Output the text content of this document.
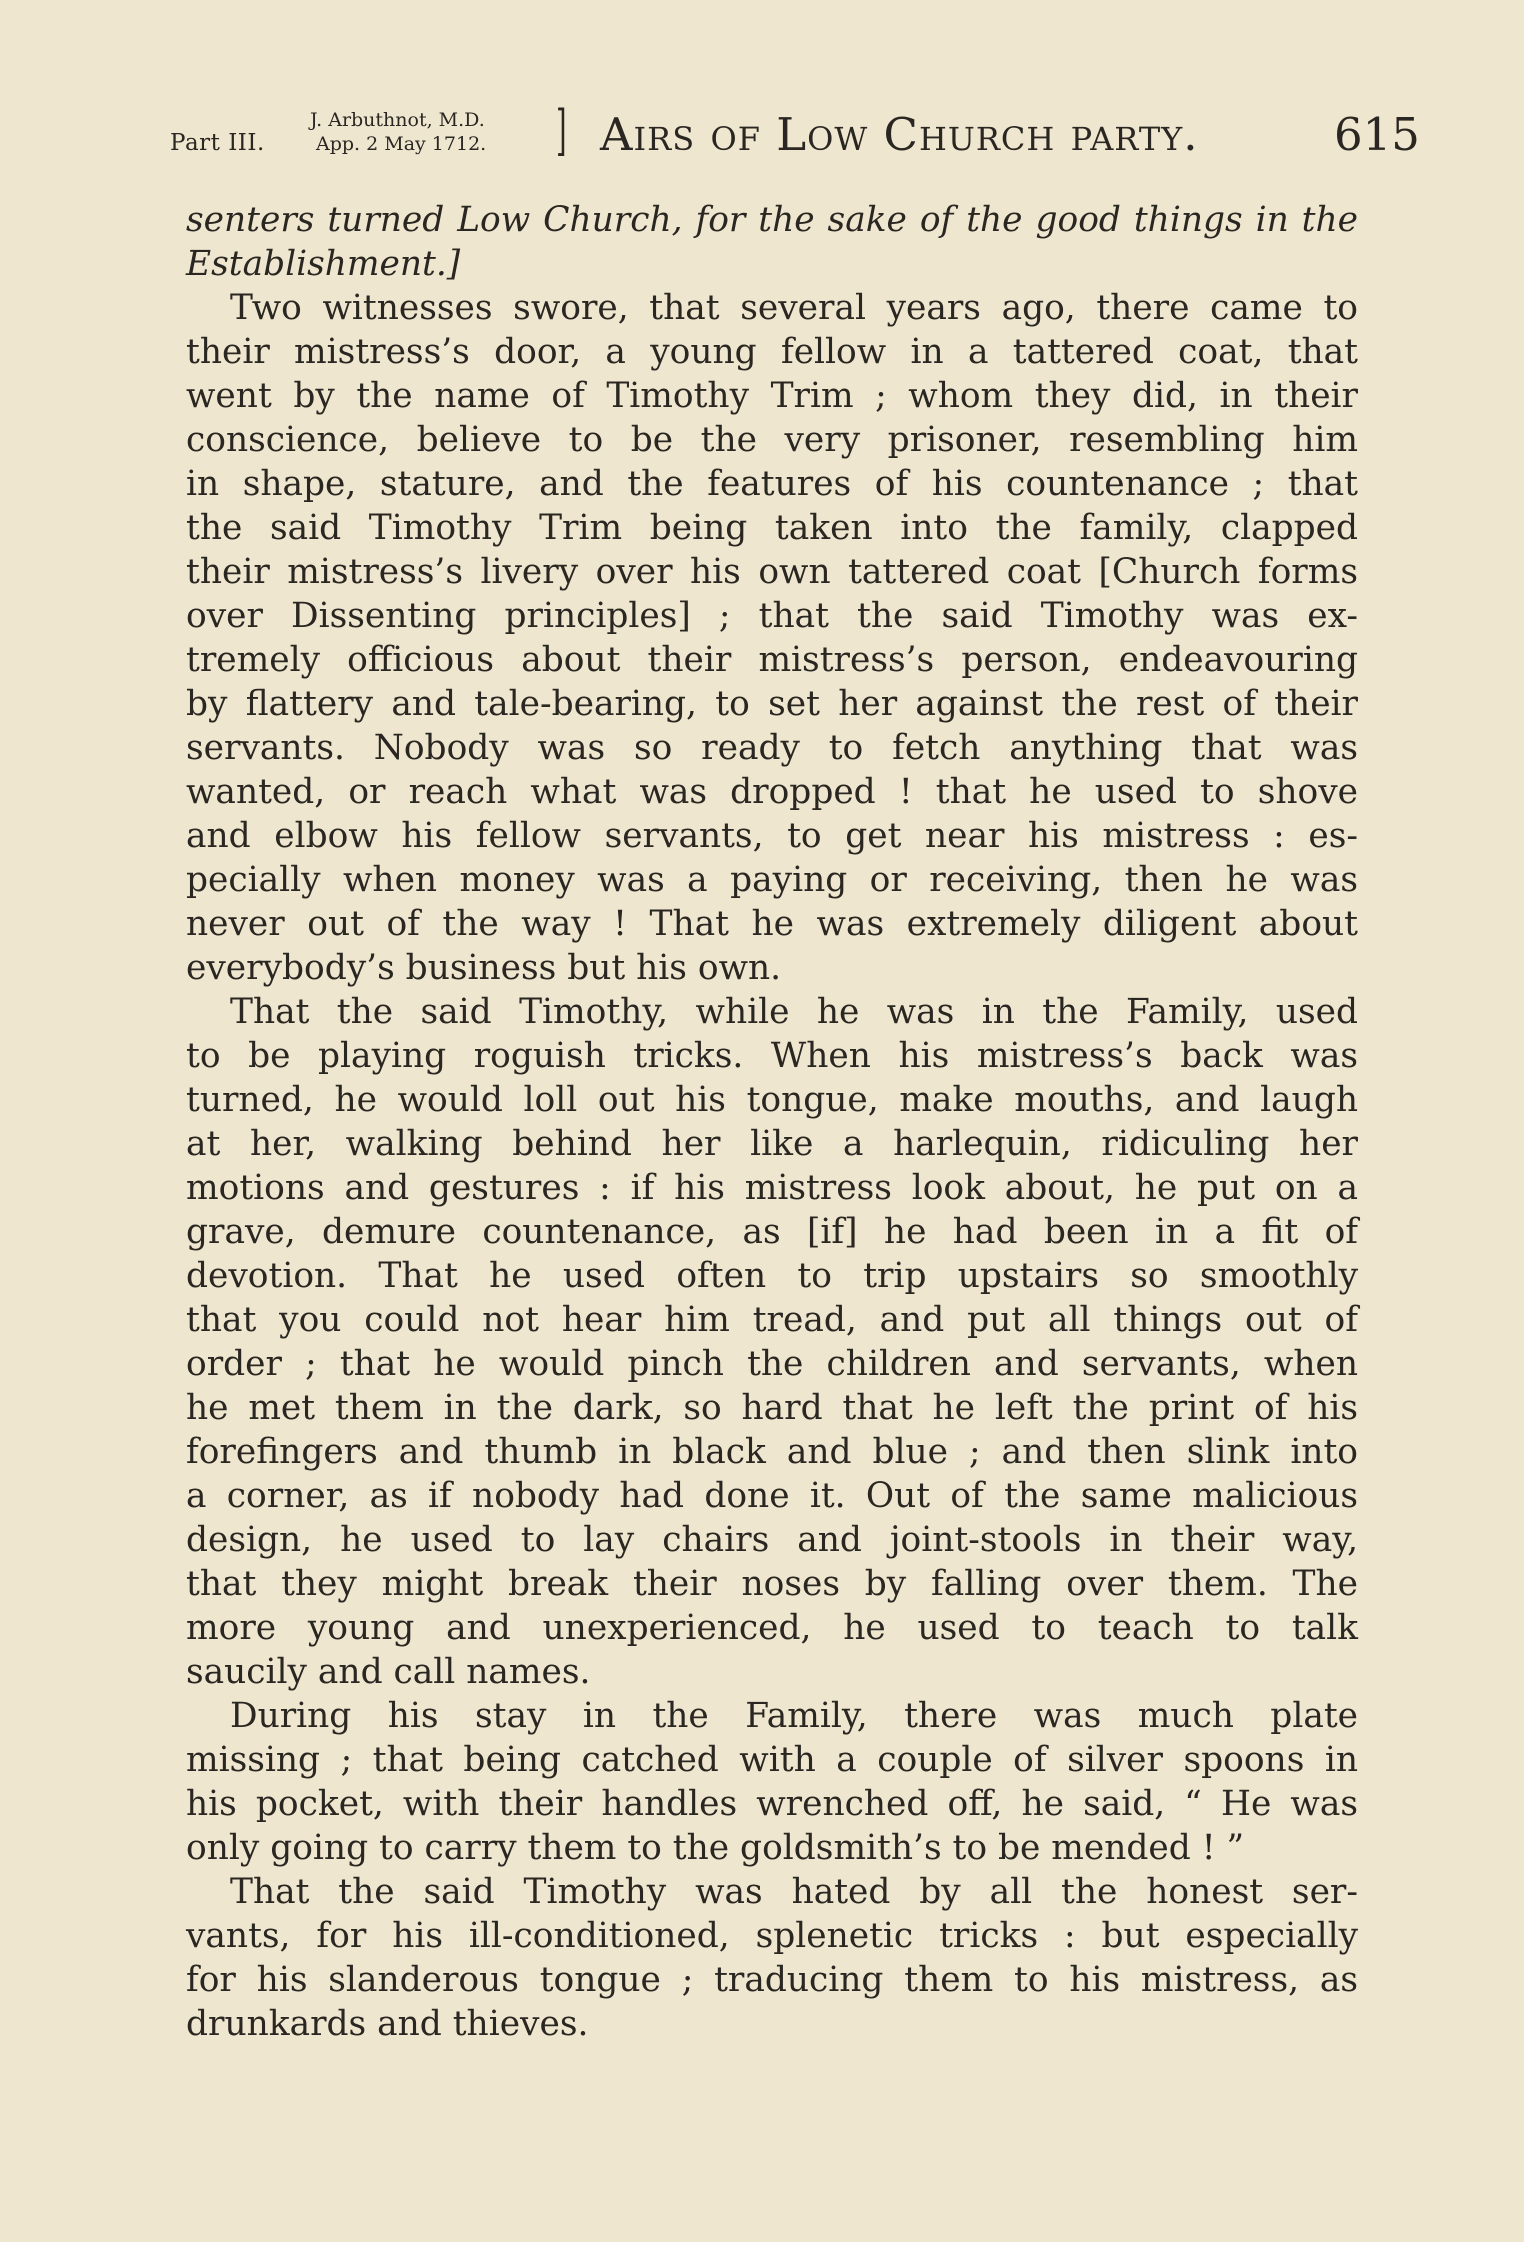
Part III.
J. Arbuthnot, M.D.
App. 2 May 1712. ] Airs of Low Church party.	615
senters turned Low Church, for the sake of the good things in the
Establishment.]
Two witnesses swore, that several years ago, there came to
their mistress’s door, a young fellow in a tattered coat, that
went by the name of Timothy Trim ; whom they did, in their
conscience, believe to be the very prisoner, resembling him
in shape, stature, and the features of his countenance ; that
the said Timothy Trim being taken into the family, clapped
their mistress’s livery over his own tattered coat [Church forms
over Dissenting principles] ; that the said Timothy was ex-
tremely officious about their mistress’s person, endeavouring
by flattery and tale-bearing, to set her against the rest of their
servants. Nobody was so ready to fetch anything that was
wanted, or reach what was dropped ! that he used to shove
and elbow his fellow servants, to get near his mistress : es-
pecially when money was a paying or receiving, then he was
never out of the way ! That he was extremely diligent about
everybody’s business but his own.
That the said Timothy, while he was in the Family, used
to be playing roguish tricks. When his mistress’s back was
turned, he would loll out his tongue, make mouths, and laugh
at her, walking behind her like a harlequin, ridiculing her
motions and gestures : if his mistress look about, he put on a
grave, demure countenance, as [if] he had been in a fit of
devotion. That he used often to trip upstairs so smoothly
that you could not hear him tread, and put all things out of
order ; that he would pinch the children and servants, when
he met them in the dark, so hard that he left the print of his
forefingers and thumb in black and blue ; and then slink into
a corner, as if nobody had done it. Out of the same malicious
design, he used to lay chairs and joint-stools in their way,
that they might break their noses by falling over them. The
more young and unexperienced, he used to teach to talk
saucily and call names.
During his stay in the Family, there was much plate
missing ; that being catched with a couple of silver spoons in
his pocket, with their handles wrenched off, he said, “ He was
only going to carry them to the goldsmith’s to be mended ! ”
That the said Timothy was hated by all the honest ser-
vants, for his ill-conditioned, splenetic tricks : but especially
for his slanderous tongue ; traducing them to his mistress, as
drunkards and thieves.
